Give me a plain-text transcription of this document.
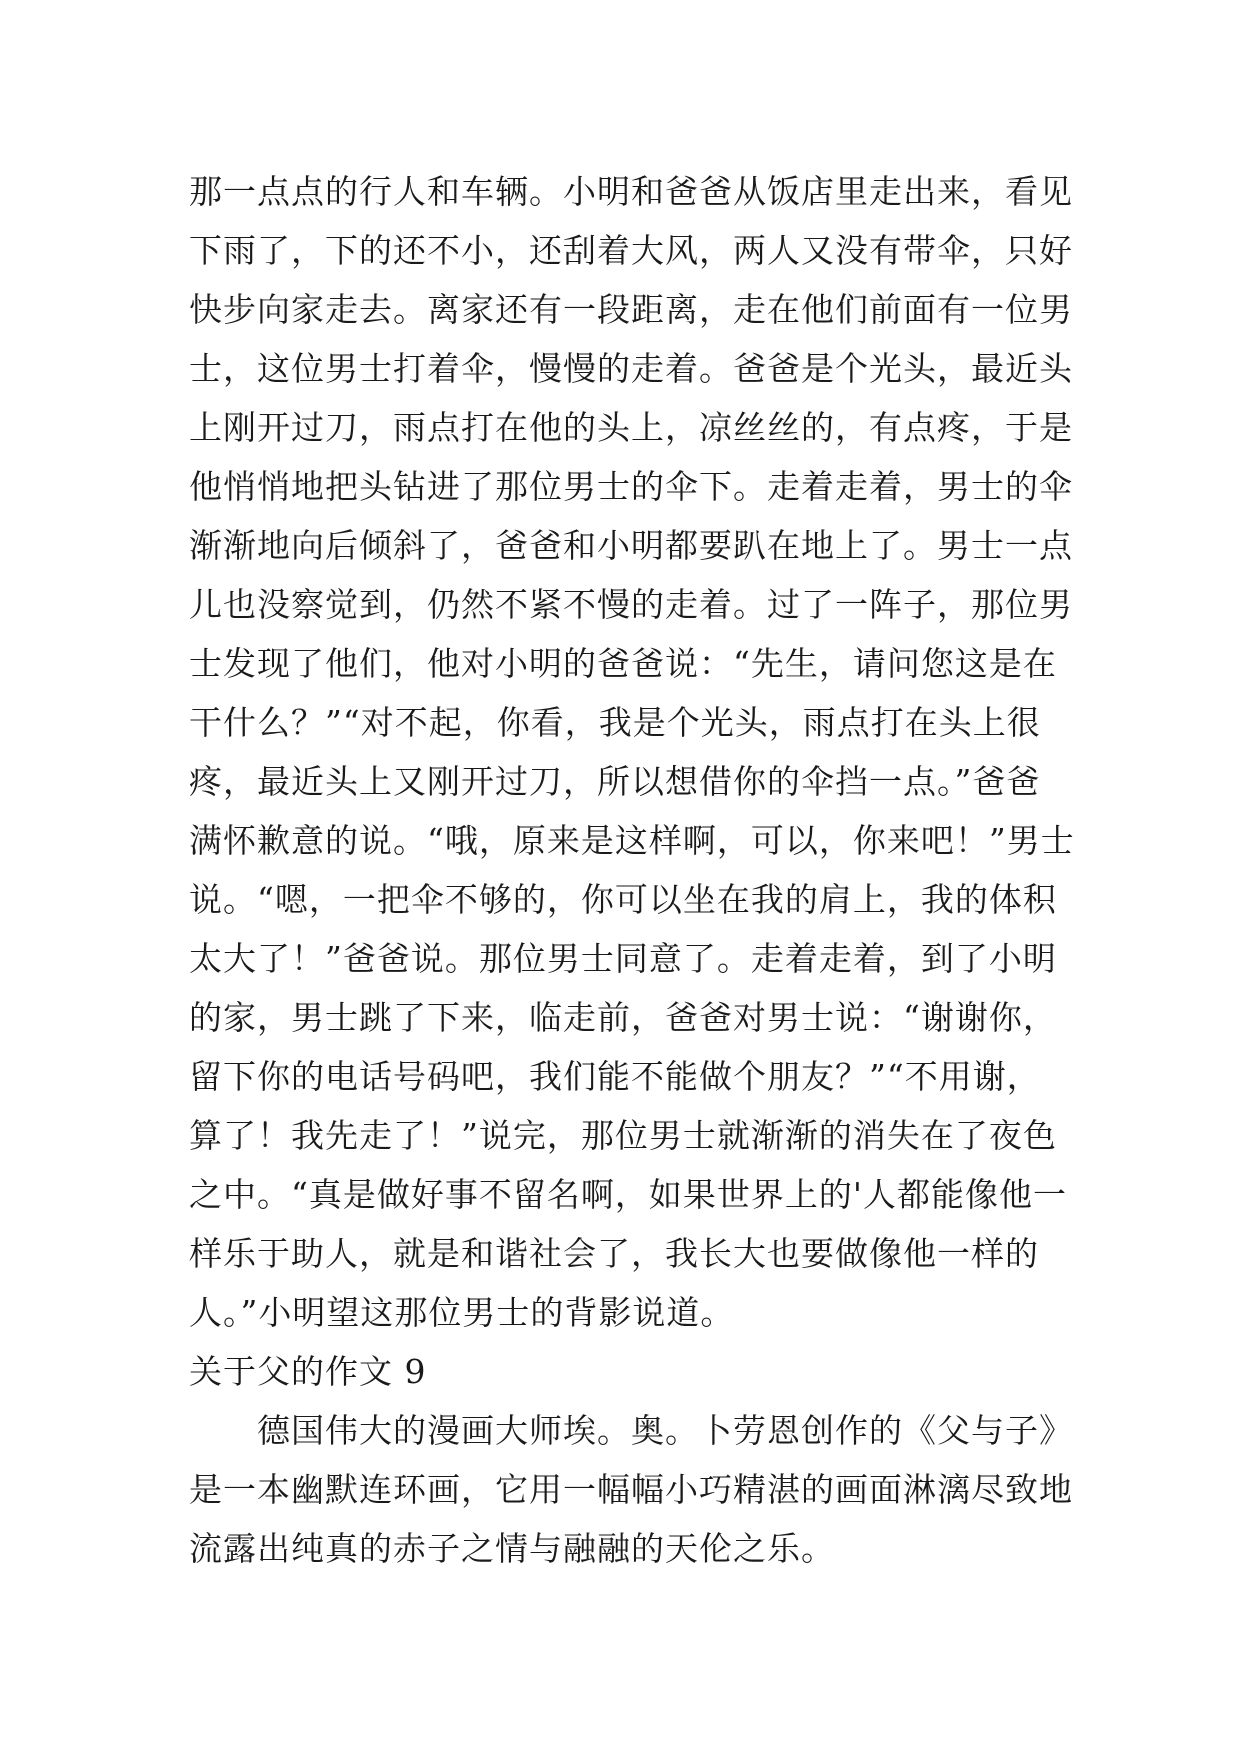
那一点点的行人和车辆。小明和爸爸从饭店里走出来，看见
下雨了，下的还不小，还刮着大风，两人又没有带伞，只好
快步向家走去。离家还有一段距离，走在他们前面有一位男
士，这位男士打着伞，慢慢的走着。爸爸是个光头，最近头
上刚开过刀，雨点打在他的头上，凉丝丝的，有点疼，于是
他悄悄地把头钻进了那位男士的伞下。走着走着，男士的伞
渐渐地向后倾斜了，爸爸和小明都要趴在地上了。男士一点
儿也没察觉到，仍然不紧不慢的走着。过了一阵子，那位男
士发现了他们，他对小明的爸爸说：“先生，请问您这是在
干什么？”“对不起，你看，我是个光头，雨点打在头上很
疼，最近头上又刚开过刀，所以想借你的伞挡一点。”爸爸
满怀歉意的说。“哦，原来是这样啊，可以，你来吧！”男士
说。“嗯，一把伞不够的，你可以坐在我的肩上，我的体积
太大了！”爸爸说。那位男士同意了。走着走着，到了小明
的家，男士跳了下来，临走前，爸爸对男士说：“谢谢你，
留下你的电话号码吧，我们能不能做个朋友？”“不用谢，
算了！我先走了！”说完，那位男士就渐渐的消失在了夜色
之中。“真是做好事不留名啊，如果世界上的'人都能像他一
样乐于助人，就是和谐社会了，我长大也要做像他一样的
人。”小明望这那位男士的背影说道。
关于父的作文 9
德国伟大的漫画大师埃。奥。卜劳恩创作的《父与子》
是一本幽默连环画，它用一幅幅小巧精湛的画面淋漓尽致地
流露出纯真的赤子之情与融融的天伦之乐。
